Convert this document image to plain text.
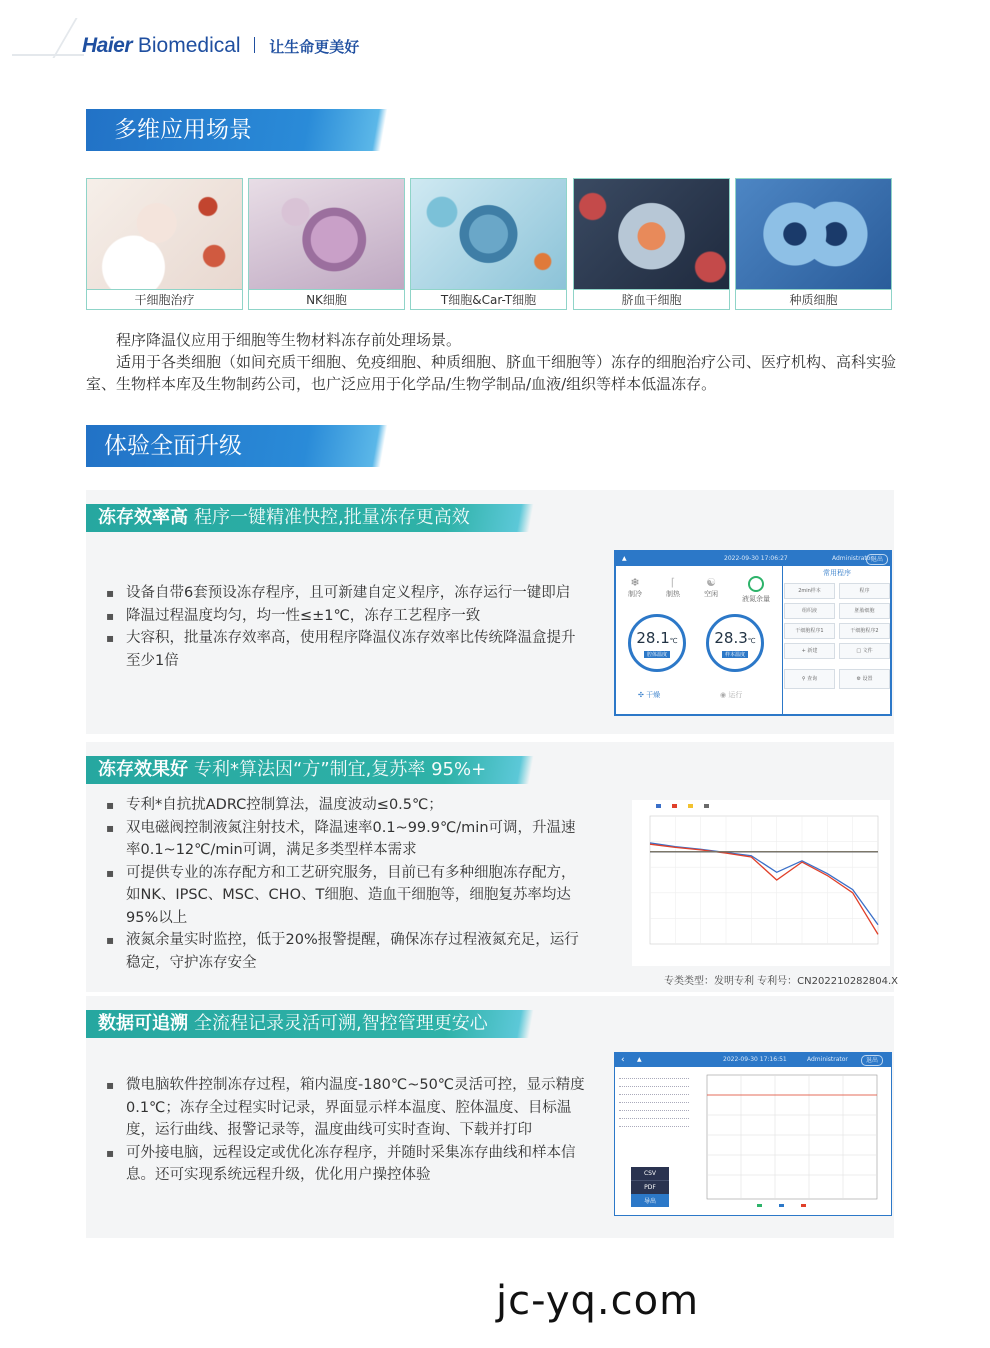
Haier Biomedical 让生命更美好
多维应用场景
干细胞治疗	NK细胞	T细胞&Car-T细胞	脐血干细胞	种质细胞
程序降温仪应用于细胞等生物材料冻存前处理场景。
适用于各类细胞（如间充质干细胞、免疫细胞、种质细胞、脐血干细胞等）冻存的细胞治疗公司、医疗机构、高科实验室、生物样本库及生物制药公司，也广泛应用于化学品/生物学制品/血液/组织等样本低温冻存。
体验全面升级
冻存效率高 程序一键精准快控,批量冻存更高效
▪ 设备自带6套预设冻存程序，且可新建自定义程序，冻存运行一键即启
▪ 降温过程温度均匀，均一性≤±1℃，冻存工艺程序一致
▪ 大容积，批量冻存效率高，使用程序降温仪冻存效率比传统降温盒提升至少1倍
▲	2022-09-30 17:06:27	Administrator
退出
❄
制冷
⌈
制热
☯
空闲
液氮余量
28.1℃
腔体温度
28.3℃
样本温度
✣ 干燥	◉ 运行
常用程序
2min样本	程序
组织液	胚胎细胞
干细胞程序1	干细胞程序2
+ 新建	□ 文件
⚲ 查询	⚙ 设置
冻存效果好 专利*算法因“方”制宜,复苏率 95%+
▪ 专利*自抗扰ADRC控制算法，温度波动≤0.5℃；
▪ 双电磁阀控制液氮注射技术，降温速率0.1~99.9℃/min可调，升温速率0.1~12℃/min可调，满足多类型样本需求
▪ 可提供专业的冻存配方和工艺研究服务，目前已有多种细胞冻存配方，如NK、IPSC、MSC、CHO、T细胞、造血干细胞等，细胞复苏率均达95%以上
▪ 液氮余量实时监控，低于20%报警提醒，确保冻存过程液氮充足，运行稳定，守护冻存安全
专类类型：发明专利 专利号：CN202210282804.X
数据可追溯 全流程记录灵活可溯,智控管理更安心
▪ 微电脑软件控制冻存过程，箱内温度-180℃~50℃灵活可控，显示精度0.1℃；冻存全过程实时记录，界面显示样本温度、腔体温度、目标温度，运行曲线、报警记录等，温度曲线可实时查询、下载并打印
▪ 可外接电脑，远程设定或优化冻存程序，并随时采集冻存曲线和样本信息。还可实现系统远程升级，优化用户操控体验
‹ ▲	2022-09-30 17:16:51	Administrator	退出
CSV
PDF
导出
jc-yq.com
